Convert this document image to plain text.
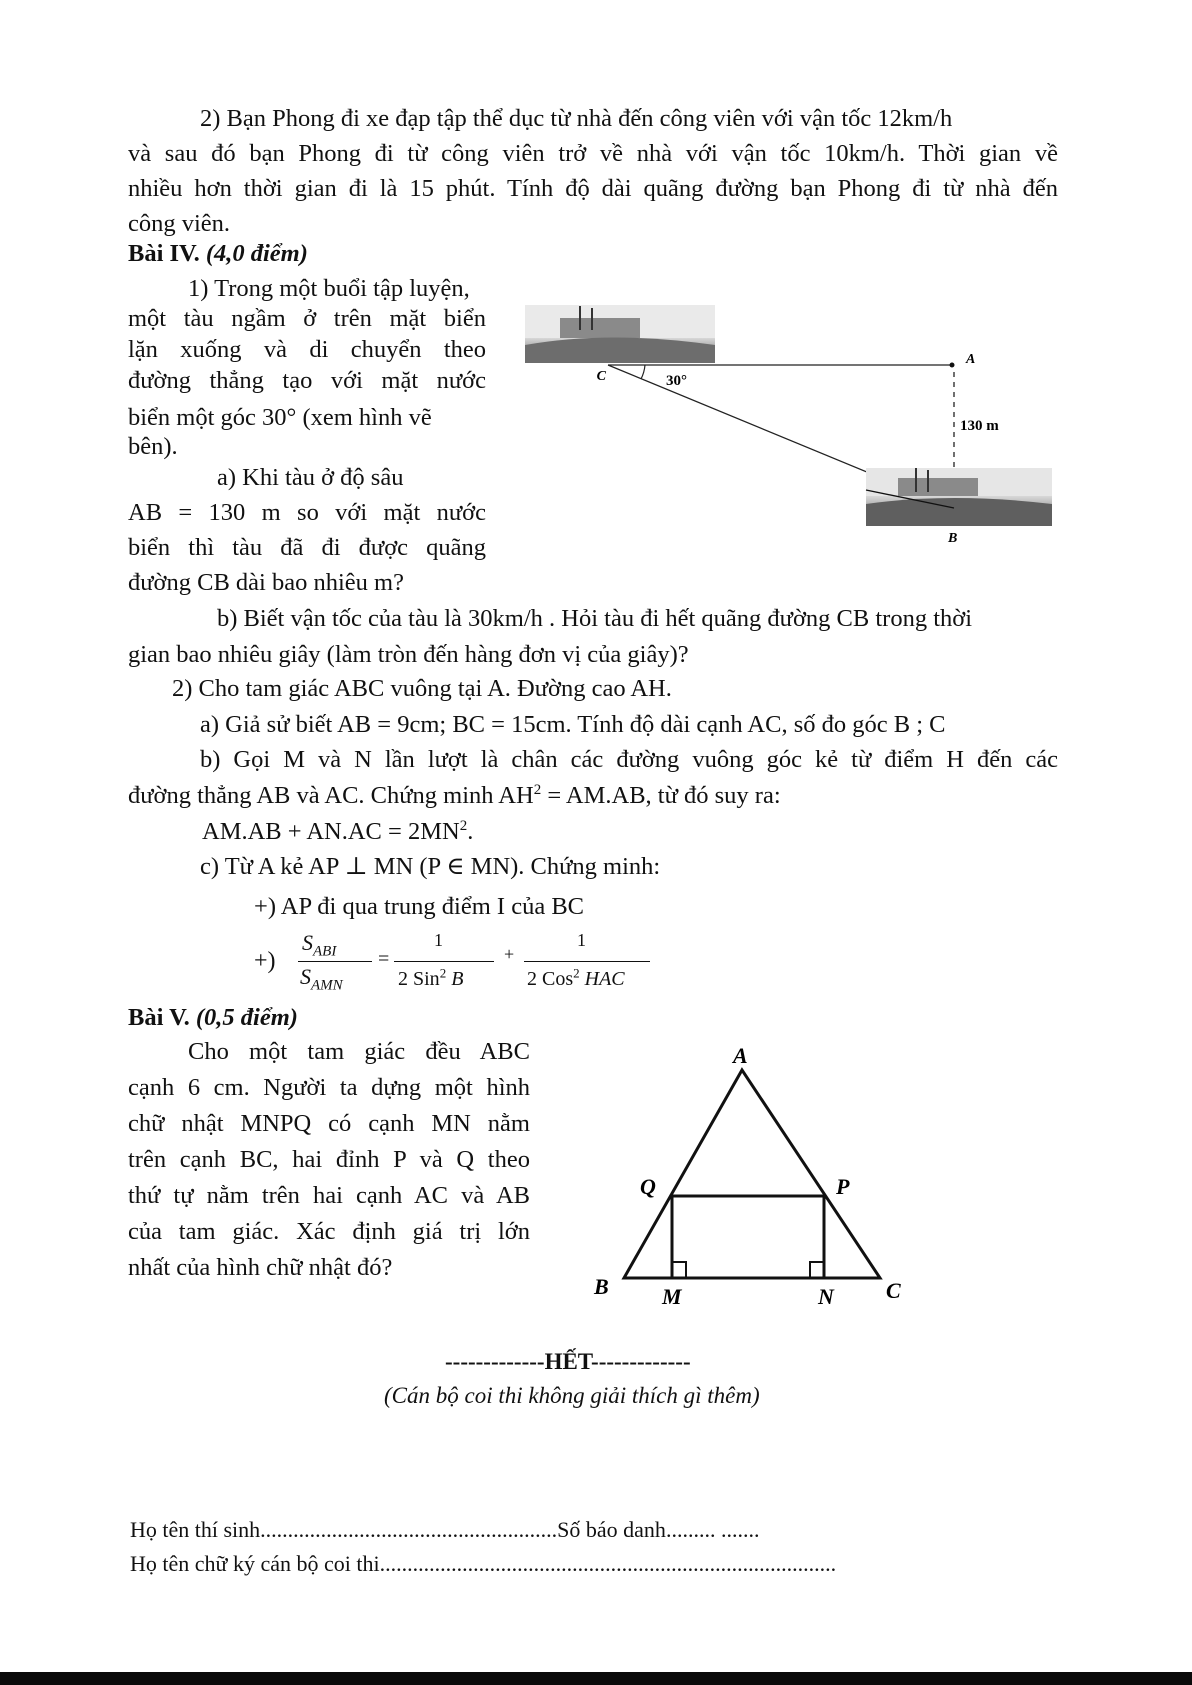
2) Bạn Phong đi xe đạp tập thể dục từ nhà đến công viên với vận tốc 12km/h

và sau đó bạn Phong đi từ công viên trở về nhà với vận tốc 10km/h. Thời gian về

nhiều hơn thời gian đi là 15 phút. Tính độ dài quãng đường bạn Phong đi từ nhà đến

công viên.

Bài IV. (4,0 điểm)

1) Trong một buổi tập luyện,

một tàu ngầm ở trên mặt biển

lặn xuống và di chuyển theo

đường thẳng tạo với mặt nước

biển một góc 30° (xem hình vẽ

bên).

a) Khi tàu ở độ sâu

AB = 130 m so với mặt nước

biển thì tàu đã đi được quãng

đường CB dài bao nhiêu m?

C	30°
A
130 m
B

b) Biết vận tốc của tàu là 30km/h . Hỏi tàu đi hết quãng đường CB trong thời

gian bao nhiêu giây (làm tròn đến hàng đơn vị của giây)?

2) Cho tam giác ABC vuông tại A. Đường cao AH.

a) Giả sử biết AB = 9cm; BC = 15cm. Tính độ dài cạnh AC, số đo góc B ; C

b) Gọi M và N lần lượt là chân các đường vuông góc kẻ từ điểm H đến các

đường thẳng AB và AC. Chứng minh $AH^2 = AM.AB$, từ đó suy ra:

$AM.AB + AN.AC = 2MN^2$.

c) Từ A kẻ AP ⊥ MN (P ∈ MN). Chứng minh:

+) AP đi qua trung điểm I của BC

+)
$S_{ABI}$
$S_{AMN}$
=
1
2 Sin$^2$ B
+
1
2 Cos$^2$ HAC

Bài V. (0,5 điểm)

Cho một tam giác đều ABC

cạnh 6 cm. Người ta dựng một hình

chữ nhật MNPQ có cạnh MN nằm

trên cạnh BC, hai đỉnh P và Q theo

thứ tự nằm trên hai cạnh AC và AB

của tam giác. Xác định giá trị lớn

nhất của hình chữ nhật đó?

A
Q	P
B M	N C

-------------HẾT-------------

(Cán bộ coi thi không giải thích gì thêm)

Họ tên thí sinh......................................................Số báo danh......... .......

Họ tên chữ ký cán bộ coi thi...................................................................................
